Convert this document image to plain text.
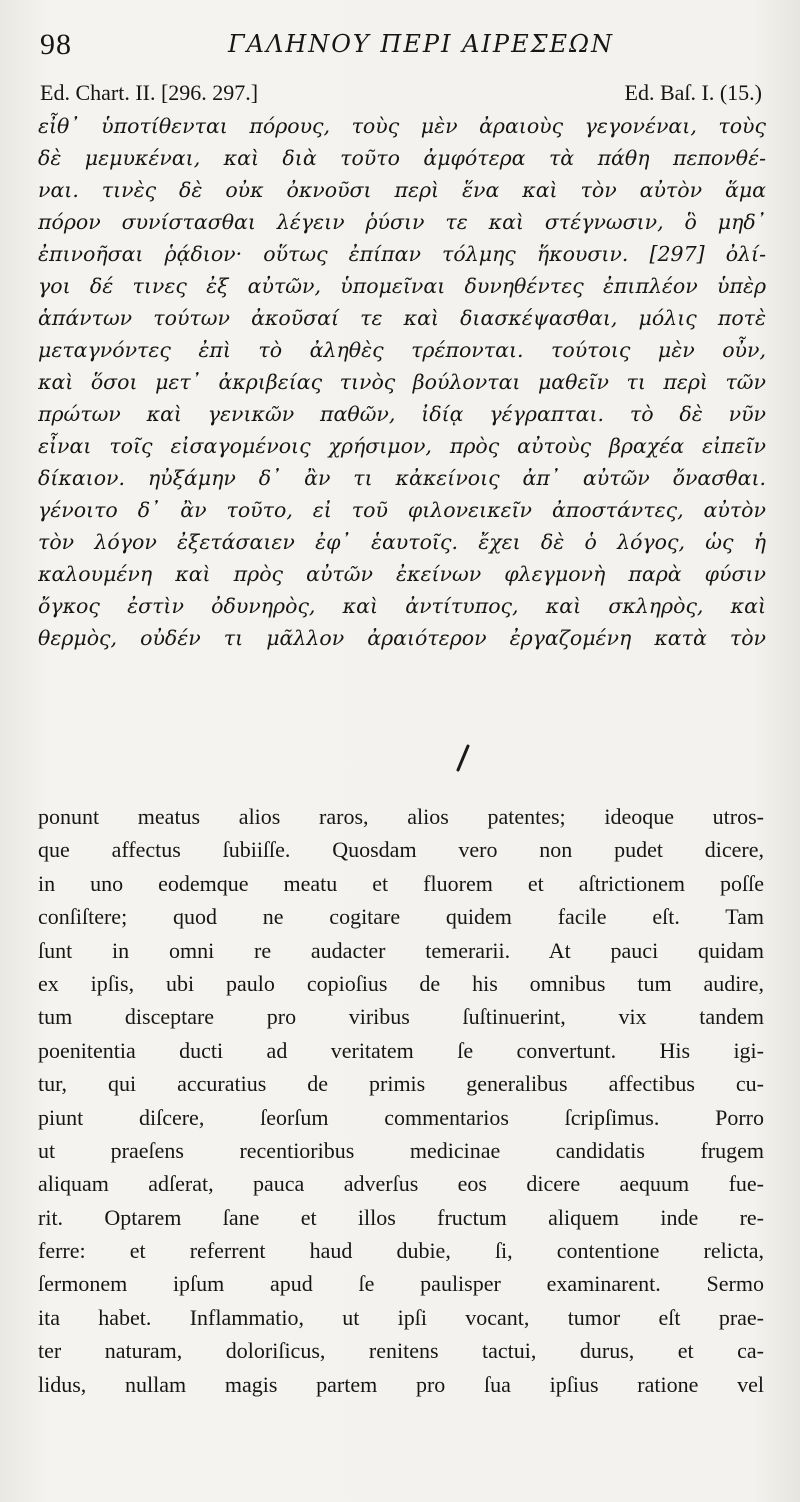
98	ΓΑΛΗΝΟΥ ΠΕΡΙ ΑΙΡΕΣΕΩΝ
Ed. Chart. II. [296. 297.]	Ed. Baſ. I. (15.)
εἶθ᾽ ὑποτίθενται πόρους, τοὺς μὲν ἀραιοὺς γεγονέναι, τοὺς
δὲ μεμυκέναι, καὶ διὰ τοῦτο ἀμφότερα τὰ πάθη πεπονθέ-
ναι. τινὲς δὲ οὐκ ὀκνοῦσι περὶ ἕνα καὶ τὸν αὐτὸν ἅμα
πόρον συνίστασθαι λέγειν ῥύσιν τε καὶ στέγνωσιν, ὃ μηδ᾽
ἐπινοῆσαι ῥᾴδιον· οὕτως ἐπίπαν τόλμης ἥκουσιν. [297] ὀλί-
γοι δέ τινες ἐξ αὐτῶν, ὑπομεῖναι δυνηθέντες ἐπιπλέον ὑπὲρ
ἁπάντων τούτων ἀκοῦσαί τε καὶ διασκέψασθαι, μόλις ποτὲ
μεταγνόντες ἐπὶ τὸ ἀληθὲς τρέπονται. τούτοις μὲν οὖν,
καὶ ὅσοι μετ᾽ ἀκριβείας τινὸς βούλονται μαθεῖν τι περὶ τῶν
πρώτων καὶ γενικῶν παθῶν, ἰδίᾳ γέγραπται. τὸ δὲ νῦν
εἶναι τοῖς εἰσαγομένοις χρήσιμον, πρὸς αὐτοὺς βραχέα εἰπεῖν
δίκαιον. ηὐξάμην δ᾽ ἂν τι κἀκείνοις ἀπ᾽ αὐτῶν ὄνασθαι.
γένοιτο δ᾽ ἂν τοῦτο, εἰ τοῦ φιλονεικεῖν ἀποστάντες, αὐτὸν
τὸν λόγον ἐξετάσαιεν ἐφ᾽ ἑαυτοῖς. ἔχει δὲ ὁ λόγος, ὡς ἡ
καλουμένη καὶ πρὸς αὐτῶν ἐκείνων φλεγμονὴ παρὰ φύσιν
ὄγκος ἐστὶν ὀδυνηρὸς, καὶ ἀντίτυπος, καὶ σκληρὸς, καὶ
θερμὸς, οὐδέν τι μᾶλλον ἀραιότερον ἐργαζομένη κατὰ τὸν
ponunt meatus alios raros, alios patentes; ideoque utros-
que affectus ſubiiſſe. Quosdam vero non pudet dicere,
in uno eodemque meatu et fluorem et aſtrictionem poſſe
conſiſtere; quod ne cogitare quidem facile eſt. Tam
ſunt in omni re audacter temerarii. At pauci quidam
ex ipſis, ubi paulo copioſius de his omnibus tum audire,
tum disceptare pro viribus ſuſtinuerint, vix tandem
poenitentia ducti ad veritatem ſe convertunt. His igi-
tur, qui accuratius de primis generalibus affectibus cu-
piunt diſcere, ſeorſum commentarios ſcripſimus. Porro
ut praeſens recentioribus medicinae candidatis frugem
aliquam adſerat, pauca adverſus eos dicere aequum fue-
rit. Optarem ſane et illos fructum aliquem inde re-
ferre: et referrent haud dubie, ſi, contentione relicta,
ſermonem ipſum apud ſe paulisper examinarent. Sermo
ita habet. Inflammatio, ut ipſi vocant, tumor eſt prae-
ter naturam, doloriſicus, renitens tactui, durus, et ca-
lidus, nullam magis partem pro ſua ipſius ratione vel
